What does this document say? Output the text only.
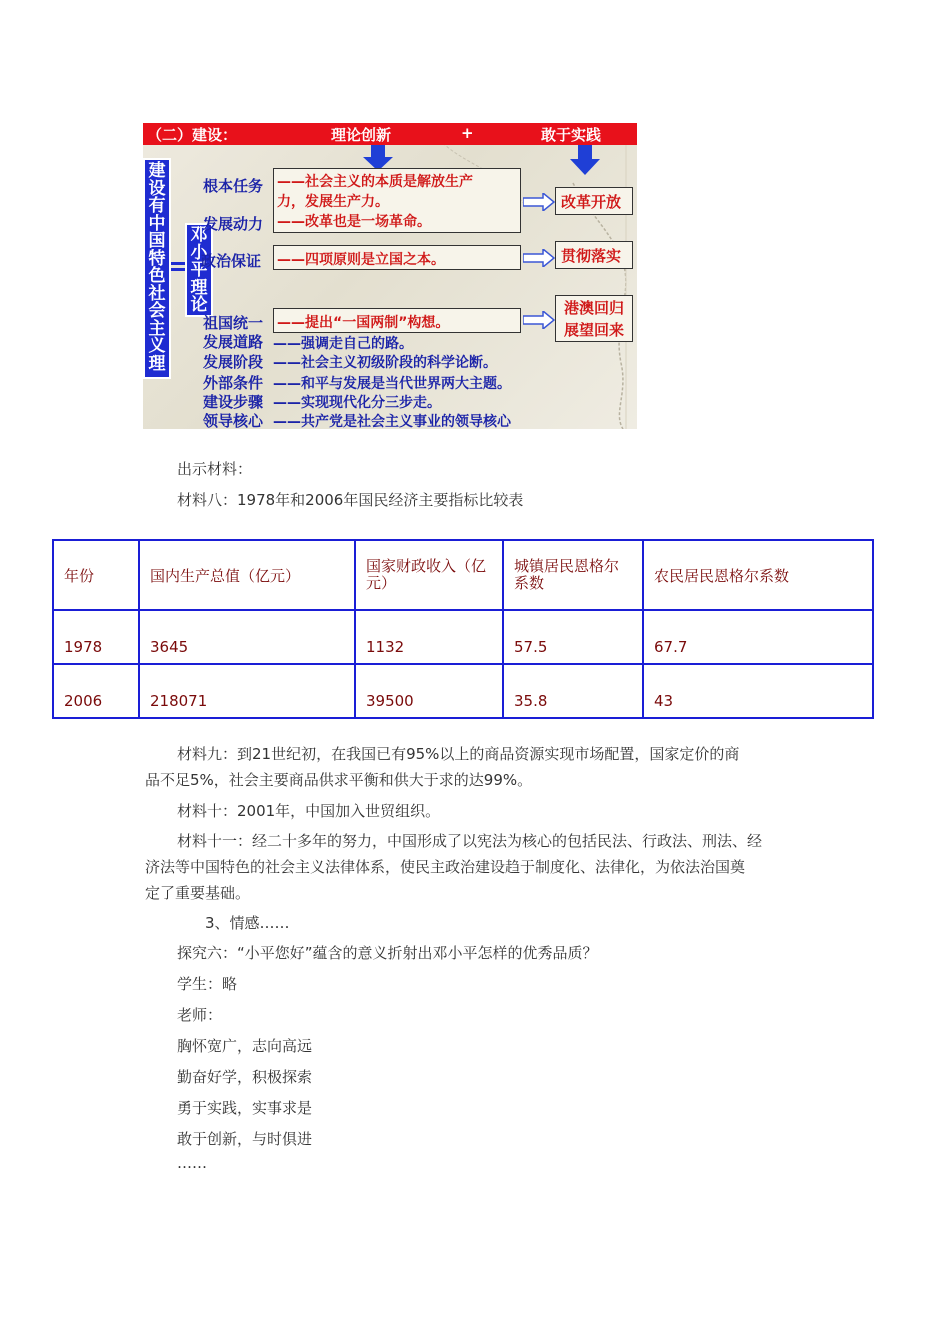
（二）建设：	理论创新	+	敢于实践
建设有中国特色社会主义理
邓小平理论
根本任务
发展动力
政治保证
祖国统一
发展道路
发展阶段
外部条件
建设步骤
领导核心
——社会主义的本质是解放生产
力，发展生产力。
——改革也是一场革命。
——四项原则是立国之本。
——提出“一国两制”构想。
——强调走自己的路。
——社会主义初级阶段的科学论断。
——和平与发展是当代世界两大主题。
——实现现代化分三步走。
——共产党是社会主义事业的领导核心
改革开放
贯彻落实
港澳回归
展望回来
出示材料：
材料八：1978年和2006年国民经济主要指标比较表
年份	国内生产总值（亿元）	国家财政收入（亿元）	城镇居民恩格尔系数	农民居民恩格尔系数
1978	3645	1132	57.5	67.7
2006	218071	39500	35.8	43
材料九：到21世纪初，在我国已有95%以上的商品资源实现市场配置，国家定价的商
品不足5%，社会主要商品供求平衡和供大于求的达99%。
材料十：2001年，中国加入世贸组织。
材料十一：经二十多年的努力，中国形成了以宪法为核心的包括民法、行政法、刑法、经
济法等中国特色的社会主义法律体系，使民主政治建设趋于制度化、法律化，为依法治国奠
定了重要基础。
3、情感……
探究六：“小平您好”蕴含的意义折射出邓小平怎样的优秀品质？
学生：略
老师：
胸怀宽广，志向高远
勤奋好学，积极探索
勇于实践，实事求是
敢于创新，与时俱进
……
